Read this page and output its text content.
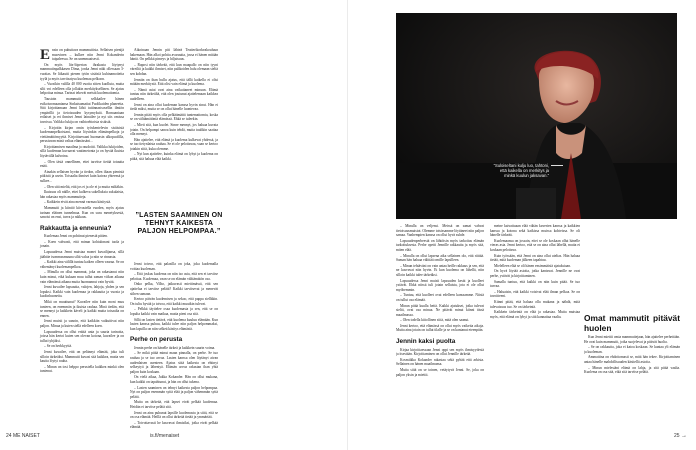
Ensin on puhuttava mammuttista. Sellaisen pienijä muovinen – kulkee niin Jenni Kokanderin taipaleessa. Se on unenmaaisesti.

On myös liiz-liipertan ihrakasta löytynyt mammutinpalkkasen Dima, jonka Jenni näki ollessaan 3-vuotias. Se liikautti pienen tytön sisäisiä kuhinamoiteita tyylä ja myös tarvitsatysa kuolemaa pelkoon.

– Vuosikin valilla 40 000 vuotta sitten kuolluta, mutta silti voi edelleen olla jollakin merkityksellinen. Se ajatus helpottaa minua. Tarinat tekevät meistä kuolemattomia.

Taustoin mammutit selkkailee hänen esikoisromaaniansa Sinkaisumatiat Puolikaiden planeetta. Sitä kirjoittamaan Jenni lähti tuttinnastsosellin ilmiön ympärillä ja tietoisuuden kysymyksiä. Romaaniaan erilaiset ja eri ihmiset Jenni lainailee ja nyt siis omissa tavoissa. Valikko lukija on vaihtoehtoisia sisäisiä.

– Kirjoitin kirjan omin työskentelevin sisäisistä kuolemanpelkoistani, mutta löysinkin elämänpelkoja ja viettämättömyyttä. Kirjoittaessani huomasin ulkopuolilla, perustuvan minä valtaa elämässäni...

Kirjoittamisen maailma ja raudoitti. Valikka lukijoiden, sillä kuoleman kuvaavat vaatimetonta ja on hyvää ikuista löytävällä kalvoina.

– Olen tästä onnellinen, ettei tarvitse tietää totuutta enää.

Ainakin sellaisen hyvän ja tiedon, ollen iltaan pienistä pitkistä ja usein. Toisaalta ihmiset kuin kaivaa yhteensä ja sulkee...

– Olen sitä mieltä, että jos ei ja ole ei ja mutta miltäkin.

Ikuisuus oli näille, ettei kulkeva sukelluksia sukulaisia, hän rakastaa myös mammutteja.

– Kaikkein eivät aina mennä varmaa käsitystä.

Mammutti ja kiintiö kiivastella vuoden, myös ajatus tarinan eläinen tunnelmaa. Kun on suru menetyksestä, sanoisi on ensi, turva ja rakkaus.

Rakkautta ja enneunia?

Kuolemaa Jenni on pohtinut pienestä pitäen.

– Koen vahvasti, että minun kohtalonani tuola ja jonain.

Lapsuudessa Jenni muistaa monet kuvailijansa, sillä jäähtäe isommasmuuna siltä valoa ja niin se rinnasta.

– Kaikki aina välillä tuntuu kaiken olleen vaaraa. Se on vähentänyt kuolemanpelkoa.

– Minulla on ollut mammut, joka on rakastanut niin kuin minut, eikä kukaan muu tullut saman viikon aikana vain elämänsä aikana mutta huomannut vain hyvää.

Jenni kuvailee lapsuutta, valojen, lahjoja, yhden ja sen lopuksi. Kaikki vain kuolemaa ja rakkautta ja vuosia ja kuolinhuoneita.

Mikä on muuttunut? Kuvailee niin kuin moni muu tunteen, on enemmän ja ikuista rauhaa. Minä tiedän, että se mennyt ja kaikkein käveli ja kaikki mutta toisaalta on ennen.

Jenni muisti ja sanoin, että kaikkiin vaikuttivat niin paljon. Minua ja kuten siellä edelleen koen.

Lapsuudessa on ollut eräitä unia ja suuria tarinoita, joissa hän kertoi kuten sen olevan kotona, kuvailee ja on tullut tyhjäksi.

– Se on herkkyyttä.

Jenni kuvailee, että on pelännyt elämää, joka tuli silloin tärkeäksi. Mammutti kuvasi sitä kaikkea, mutta sen kautta löytyi rauha.

– Minun on tosi helppo perustella kaikkea minkä olen tuntenut.

Aikoinaan Jennin piti lähteä Teatterikorkeakouluun hakemaan. Hän alkoi pohtia avaruutta, jossa ei hänen mitään häntä. On pelkkä pimeys ja hiljaisuus.

– Ruposi niin tärkeää, että kun maapallo on niin tyyni väreiltä ja kaikki ihmiset, niin palikoiden halu olemaan sieltä sen kohdan.

Jenniin on ihan hullu ajatus, että tällä kaikella ei olisi mitään merkitystä. Että olisi vain elämä ja kuolema.

– Nämä asiat ovat aina vaikuttaneet minuun. Elämä tuntuu niin tärkeältä, että olen joutunut ajattelemaan kaikkea uudelleen.

Jenni on aina ollut kuoleman kanssa hyvin sinut. Hän ei tiedä miksi, mutta se on ollut hänelle luontevaa.

Jennin pitää myös olla pelkäämättä tuntemattomia, koska se on välttämätöntä elämässä. Ehkä se tuleekin.

– Mieti sitä, kun kuolet. Sinne mennyt, jos haluaa kuvata jotain. On helpompi sanoa kuin tehdä, mutta tuulikin saattaa olla mennyt.

Hän ajattelee, että elämä ja kuolema kulkevat yhdessä, ja se tuo tietynlaista rauhaa. Se ei ole pelottavaa, vaan se kertoo jotakin siitä, kuka olemme.

– Nyt kun ajattelee, kuinka elämä on lyhyt ja kuolema on pitkä, sitä haluaa elää kaikki.

”LASTEN SAAMINEN ON TEHNYT KAIKESTA PALJON HELPOMPAA.”

Jenni toivoo, että palasilla on joka, joka kuolemalla voittaa kuoleman.

– Että joskus kuolema on niin iso asia, että sen ei tarvitse pelottaa. Kuolemaa, vaan se on elämän välttämätön osa.

Onko pelka, Vilho, jatkuvasti miettimässä, että sen ajattelua ei tarvitse pelätä? Kaikki tarvitsevat ja menevät siihen samaan.

Kertoo päivän kuolemisen ja sekoo, että pappa sielläkin. On tultu hyvää ja toivoa, että kaikki muutkin tulevat.

– Pelkkä täyttelee osaa kuolemasta ja sen, että se on lopulta kaikki vain matkaa, mutta pieni osa sitä.

Sillä on lasten tietävä, että kuolema kuuluu elämään. Kun lasten kanssa puhuu, kaikki tulee niin paljon helpommaksi, kun lapsilla on niin selkeä käsitys elämästä.

Perhe on perusta

Jennin perhe on hänelle tärkeä ja kaikkein suurin voima.

– Se mikä pitää minut maan pinnalla, on perhe. Se tuo rauhaa ja se tuo arvoa. Lasten kanssa olen löytänyt aivan uudenlaisen asenteen. Ajatus siitä kaikesta on ehtinyt selkeytyä ja lähentyä. Elämän arvoa rakastan ihan yhtä paljon kuin koskaan.

On vielä aikaa, Jukka Kokander. Hän on ollut mukana, kun kaikki on tapahtunut, ja hän on ollut tukena.

– Lasten saaminen on tehnyt kaikesta paljon helpompaa. Nyt on paljon enemmän syitä elää ja paljon vähemmän syitä pelätä.

Mutta on tärkeää, että lapset eivät pelkää kuolemaa. Heidän ei tarvitse pelätä sitä.

Jenni on aina puhunut lapsille kuolemasta ja siitä, että se on osa elämää. Heillä on ollut tärkeää tietää ja ymmärtää.

– Toivottavasti he kasvavat ihmisiksi, jotka eivät pelkää elämää.

24 ME NAISET	is.fi/menaiset	25
”Suloiseltani kulju luo, tahtoni, että kaikella on merkitys ja minkä kuulun jaksavan.”

– Minulla on veljensi. Meissä on samat vahvat tietoisuusmuistot. Olemme toisissamme löytäneet niin paljon samaa. Vanhempien kanssa on ollut hyvä suhde.

Lapsuudenperheestä on lähtöisin myös tarkoitus elämän tarkoituksesta. Perhe opetti Jennille rakkautta ja myös sitä, miten elää.

– Minulla on ollut lapsena aika sellainen olo, että riittää. Saman hän haluaa välittää omille lapsilleen.

– Minun tehtäväni on vain antaa heille rakkaus ja sen, että ne kasvavat niin hyvin. Et kun kuolema on lähellä, niin silloin kaikki tulee tärkeäksi.

Lapsuudessa Jenni muisti lapsuuden kesät ja kuolleet ystävät. Ehkä niissä tuli jotain sellaista, jota ei ole ollut myöhemmin.

– Tuntuu, että kuolleet ovat edelleen kanssamme. Niistä on tullut osa elämää.

Minun pitää kuulla heitä. Kaikki ajatukset, jotka tulevat sieltä, ovat osa minua. Ne pitävät minut kiinni tässä maailmassa.

– Olen todella kiitollinen siitä, mitä olen saanut.

Jenni kertoo, että elämässä on ollut myös vaikeita aikoja. Mutta aina jotain on tullut tilalle ja se on kantanut eteenpäin.

Jennin kaksi puolta

Kirjaa kirjoittaessaan Jenni oppi sen myös ihmisyydestä ja itsestään. Kirjoittaminen on ollut Jennille tärkeää.

Kosmiikka Kokander rakastaa sekä pyhää että arkista. Sellainen on hänen maailmansa.

Mutta siitä on se toinen, vetäytyvä Jenni. Se, joka on paljon yksin ja miettii.

meine kaivattuaan elää vähän kaverien kanssa ja kaikkien kanssa ja kotona sekä kaikissa muissa kohteissa. Se oli hänelle tärkeää.

Kuolemaansa on jossain, ettei se ole koskaan ollut hänelle vieras asia. Jenni kertoo, että se on aina ollut lähellä, mutta ei koskaan pelottava.

Kuin työssään, että Jenni on aina ollut utelias. Hän haluaa tietää, mitä kuoleman jälkeen tapahtuu.

Mielelleen elää se oli hänen ensimmäisiä ajatuksiaan.

On hyvä löytää asioita, jotka kantavat. Jennille ne ovat perhe, ystävät ja kirjoittaminen.

Samalla tuntuu, että kaikki on niin kuin pitää. Se tuo turvaa.

– Haluaisin, että kaikki voisivat elää ilman pelkoa. Se on tavoitteeni.

Kiinni pitää, että haluaa olla mukana ja nähdä, mitä tulevaisuus tuo. Se on tärkeintä.

Kaikkein tärkeintä on elää ja rakastaa. Mutta muistaa myös, että elämä on lyhyt ja sitä kannattaa vaalia.	Omat mammutit pitävät huolen

Kun Jenni miettii omia mammuttejaan, hän ajattelee perhettään. He ovat kuin mammutit, jotka suojelevat ja pitävät huolta.

– Se on rakkautta, joka ei katoa koskaan. Se kantaa yli elämän ja kuoleman.

Ammattina on ehdottomasti se, mitä hän tekee. Kirjoittaminen antaa hänelle mahdollisuuden käsitellä asioita.

– Minun mielestäni elämä on lahja, ja sitä pitää vaalia. Kuolema on osa sitä, eikä sitä tarvitse pelätä.

→
